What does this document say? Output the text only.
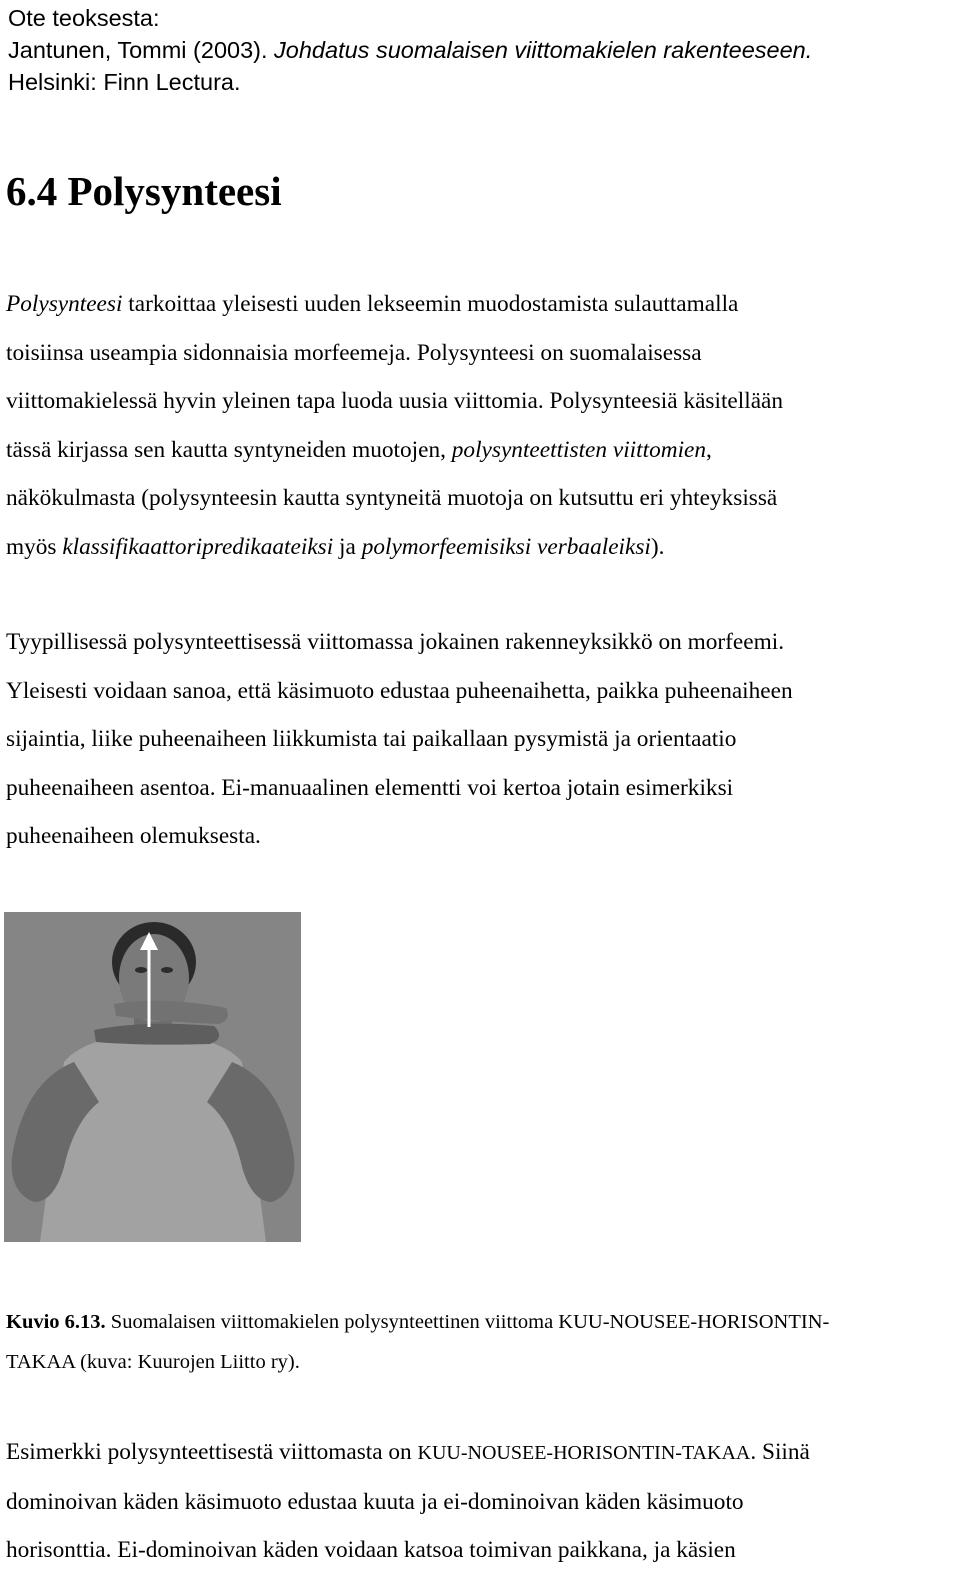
Ote teoksesta:
Jantunen, Tommi (2003). Johdatus suomalaisen viittomakielen rakenteeseen.
Helsinki: Finn Lectura.
6.4 Polysynteesi
Polysynteesi tarkoittaa yleisesti uuden lekseemin muodostamista sulauttamalla
toisiinsa useampia sidonnaisia morfeemeja. Polysynteesi on suomalaisessa
viittomakielessä hyvin yleinen tapa luoda uusia viittomia. Polysynteesiä käsitellään
tässä kirjassa sen kautta syntyneiden muotojen, polysynteettisten viittomien,
näkökulmasta (polysynteesin kautta syntyneitä muotoja on kutsuttu eri yhteyksissä
myös klassifikaattoripredikaateiksi ja polymorfeemisiksi verbaaleiksi).
Tyypillisessä polysynteettisessä viittomassa jokainen rakenneyksikkö on morfeemi.
Yleisesti voidaan sanoa, että käsimuoto edustaa puheenaihetta, paikka puheenaiheen
sijaintia, liike puheenaiheen liikkumista tai paikallaan pysymistä ja orientaatio
puheenaiheen asentoa. Ei-manuaalinen elementti voi kertoa jotain esimerkiksi
puheenaiheen olemuksesta.
Kuvio 6.13. Suomalaisen viittomakielen polysynteettinen viittoma KUU-NOUSEE-HORISONTIN-
TAKAA (kuva: Kuurojen Liitto ry).
Esimerkki polysynteettisestä viittomasta on KUU-NOUSEE-HORISONTIN-TAKAA. Siinä
dominoivan käden käsimuoto edustaa kuuta ja ei-dominoivan käden käsimuoto
horisonttia. Ei-dominoivan käden voidaan katsoa toimivan paikkana, ja käsien
